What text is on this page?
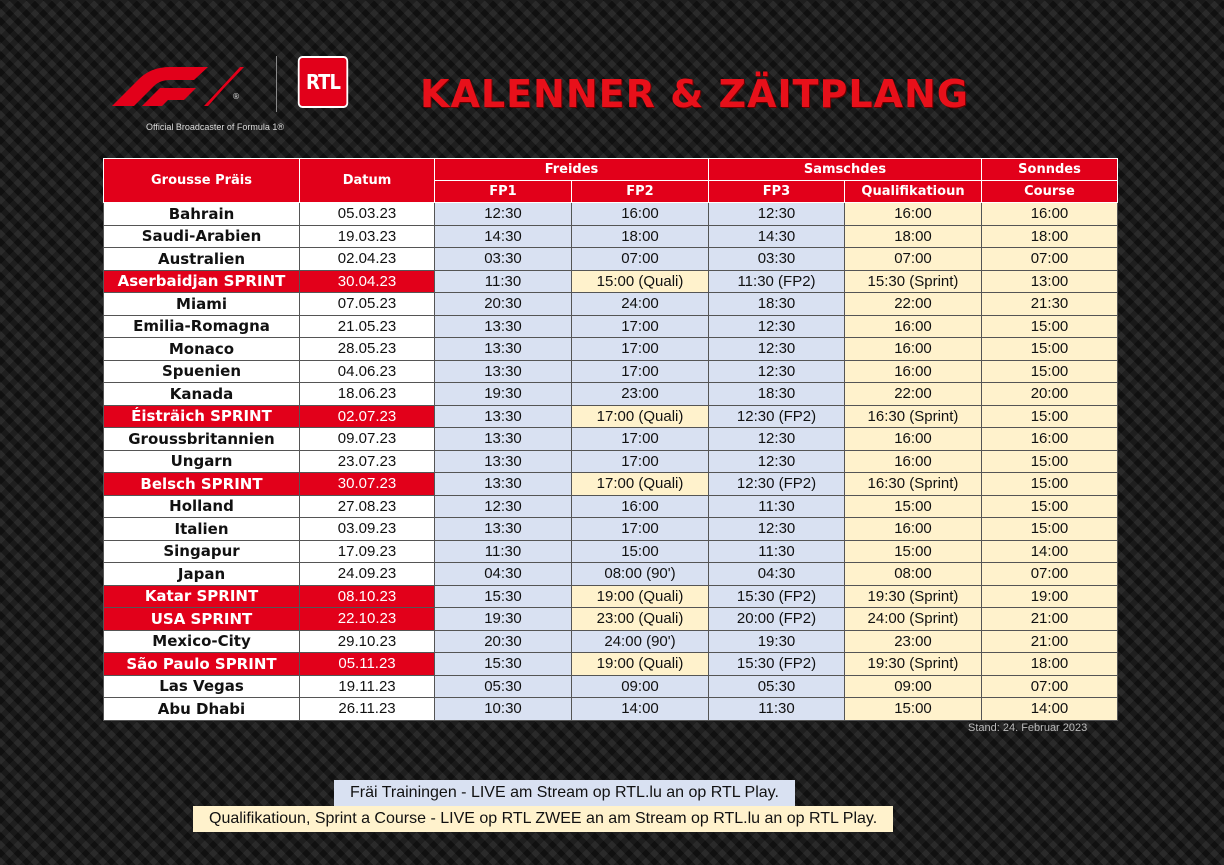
®
RTL
Official Broadcaster of Formula 1®
KALENNER & ZÄITPLANG
Grousse Präis	Datum	Freides		Samschdes		Sonndes
		FP1	FP2	FP3	Qualifikatioun	Course
Bahrain	05.03.23	12:30	16:00	12:30	16:00	16:00
Saudi-Arabien	19.03.23	14:30	18:00	14:30	18:00	18:00
Australien	02.04.23	03:30	07:00	03:30	07:00	07:00
Aserbaidjan SPRINT	30.04.23	11:30	15:00 (Quali)	11:30 (FP2)	15:30 (Sprint)	13:00
Miami	07.05.23	20:30	24:00	18:30	22:00	21:30
Emilia-Romagna	21.05.23	13:30	17:00	12:30	16:00	15:00
Monaco	28.05.23	13:30	17:00	12:30	16:00	15:00
Spuenien	04.06.23	13:30	17:00	12:30	16:00	15:00
Kanada	18.06.23	19:30	23:00	18:30	22:00	20:00
Éisträich SPRINT	02.07.23	13:30	17:00 (Quali)	12:30 (FP2)	16:30 (Sprint)	15:00
Groussbritannien	09.07.23	13:30	17:00	12:30	16:00	16:00
Ungarn	23.07.23	13:30	17:00	12:30	16:00	15:00
Belsch SPRINT	30.07.23	13:30	17:00 (Quali)	12:30 (FP2)	16:30 (Sprint)	15:00
Holland	27.08.23	12:30	16:00	11:30	15:00	15:00
Italien	03.09.23	13:30	17:00	12:30	16:00	15:00
Singapur	17.09.23	11:30	15:00	11:30	15:00	14:00
Japan	24.09.23	04:30	08:00 (90')	04:30	08:00	07:00
Katar SPRINT	08.10.23	15:30	19:00 (Quali)	15:30 (FP2)	19:30 (Sprint)	19:00
USA SPRINT	22.10.23	19:30	23:00 (Quali)	20:00 (FP2)	24:00 (Sprint)	21:00
Mexico-City	29.10.23	20:30	24:00 (90')	19:30	23:00	21:00
São Paulo SPRINT	05.11.23	15:30	19:00 (Quali)	15:30 (FP2)	19:30 (Sprint)	18:00
Las Vegas	19.11.23	05:30	09:00	05:30	09:00	07:00
Abu Dhabi	26.11.23	10:30	14:00	11:30	15:00	14:00
Stand: 24. Februar 2023
Fräi Trainingen - LIVE am Stream op RTL.lu an op RTL Play.
Qualifikatioun, Sprint a Course - LIVE op RTL ZWEE an am Stream op RTL.lu an op RTL Play.
